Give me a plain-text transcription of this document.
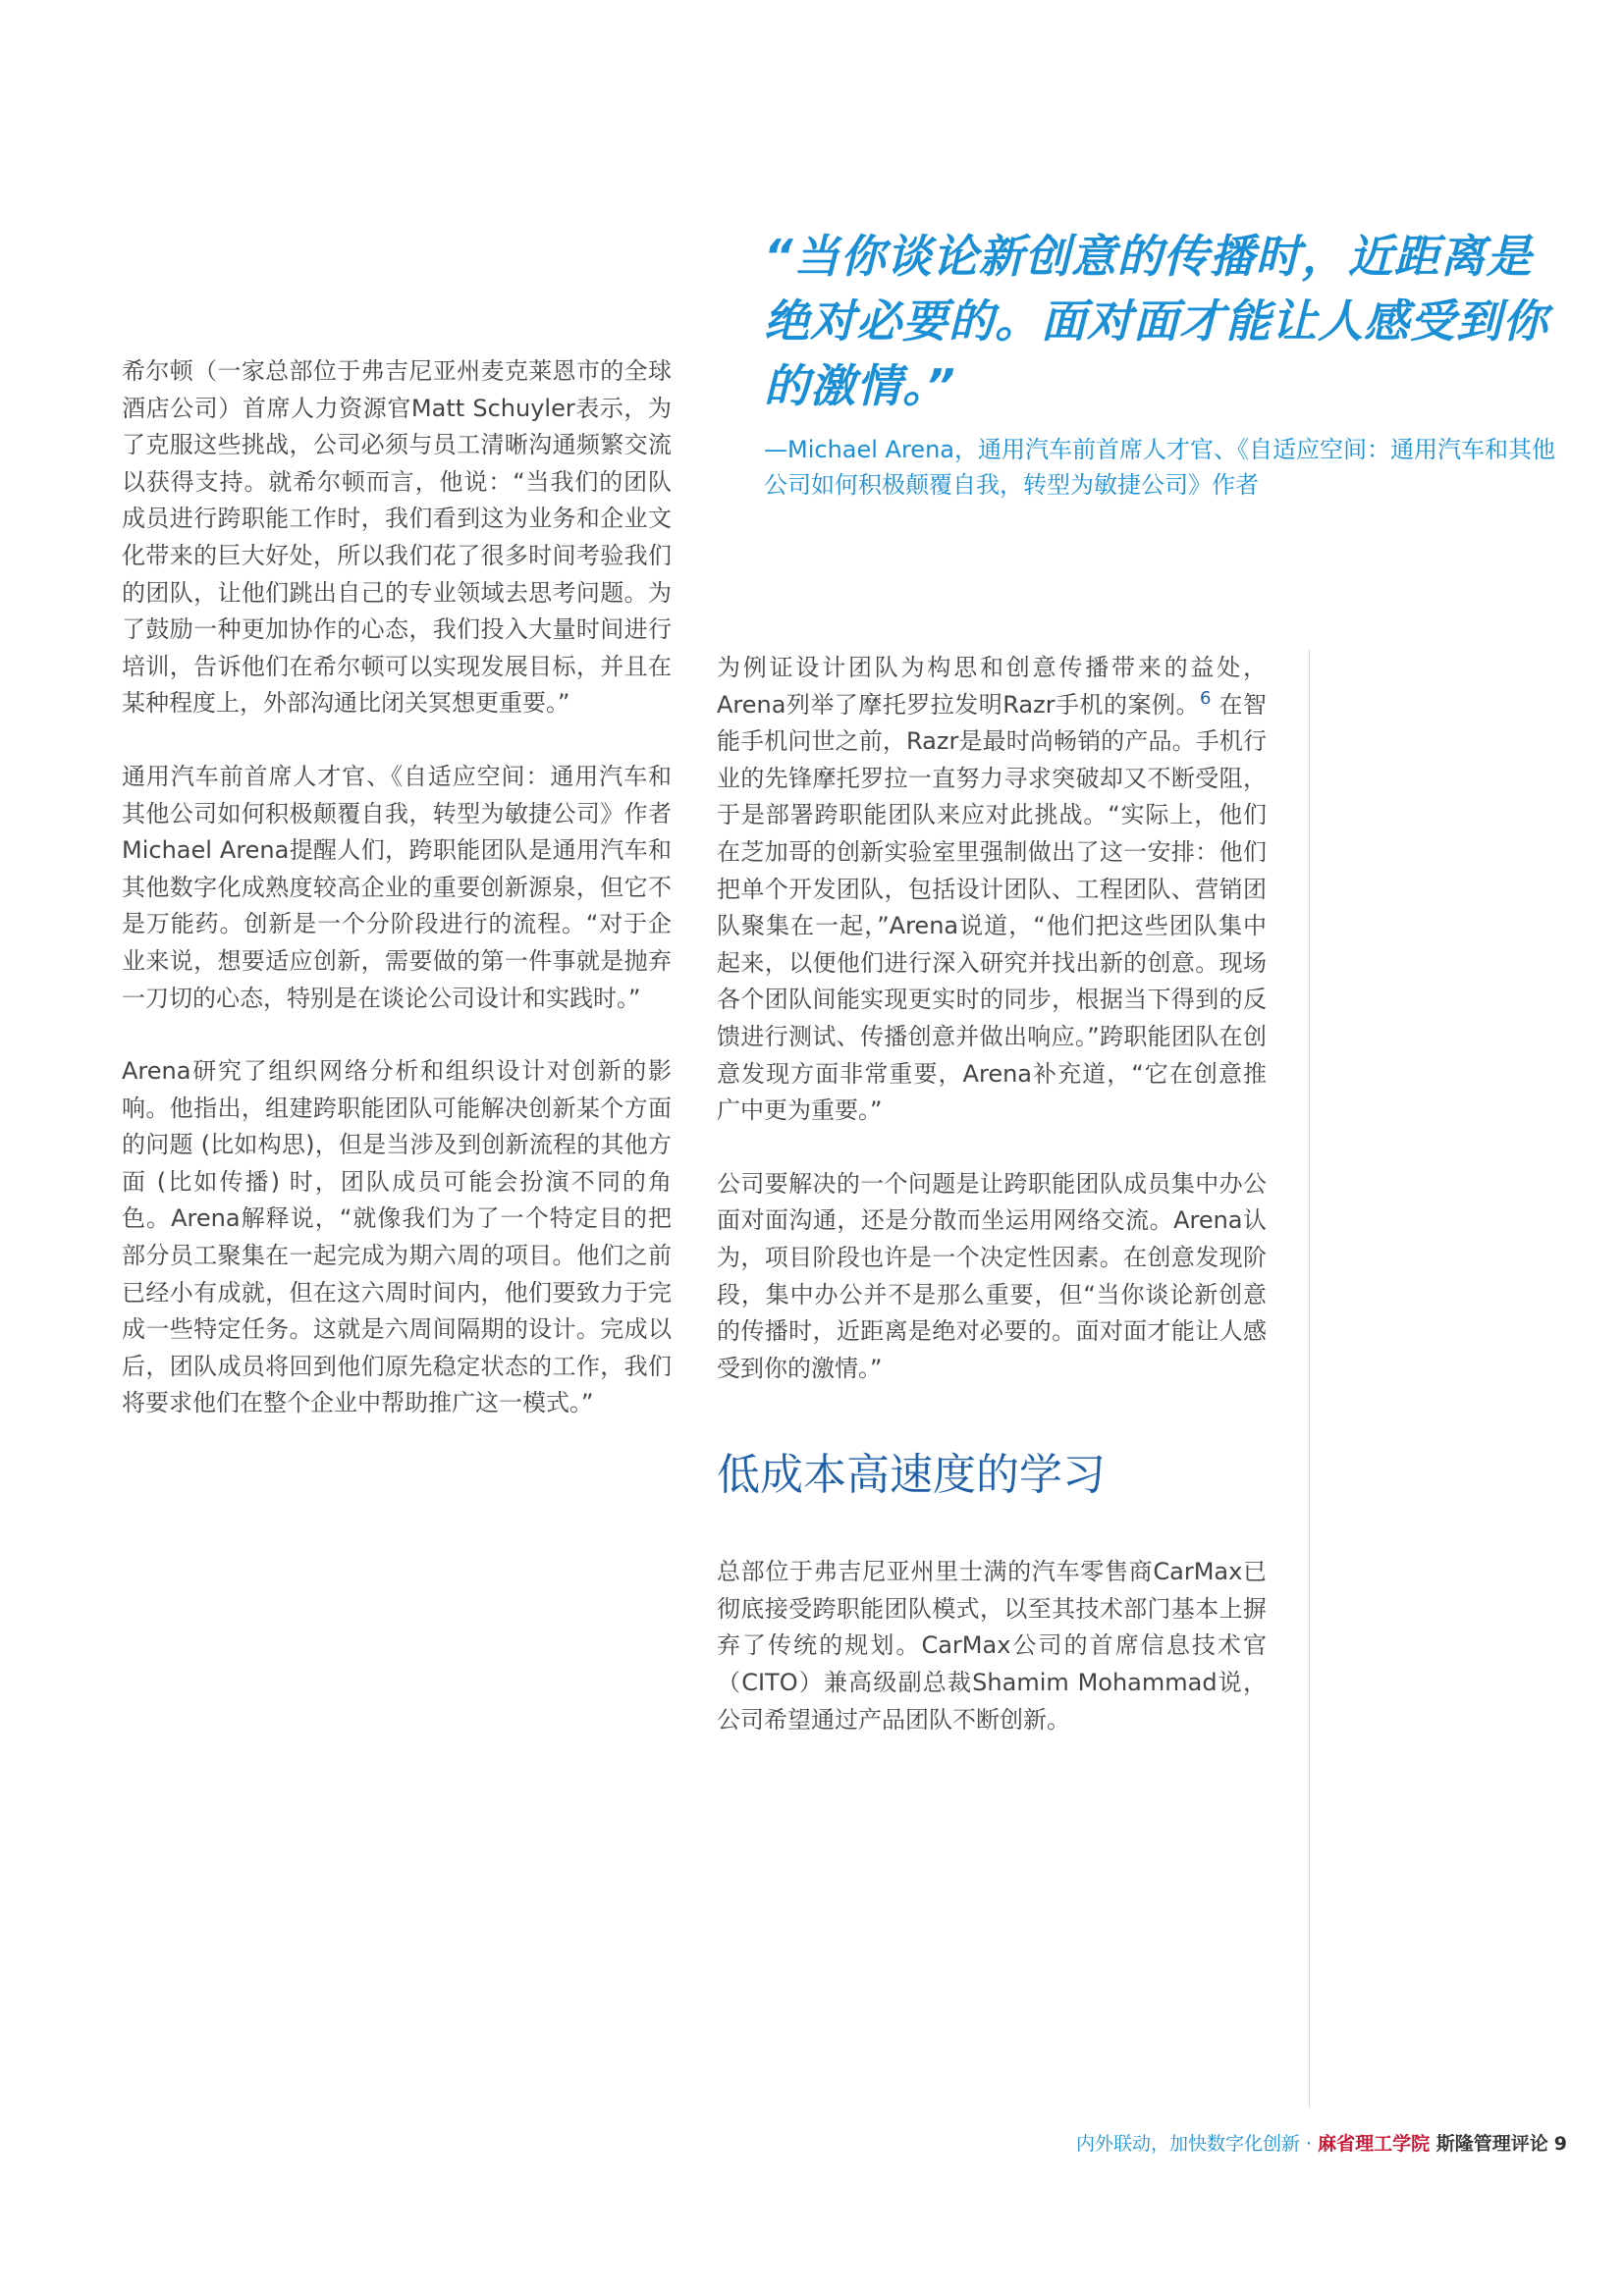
“当你谈论新创意的传播时，近距离是绝对必要的。面对面才能让人感受到你的激情。”

—Michael Arena，通用汽车前首席人才官、《自适应空间：通用汽车和其他公司如何积极颠覆自我，转型为敏捷公司》作者

希尔顿（一家总部位于弗吉尼亚州麦克莱恩市的全球酒店公司）首席人力资源官Matt Schuyler表示，为了克服这些挑战，公司必须与员工清晰沟通频繁交流以获得支持。就希尔顿而言，他说：“当我们的团队成员进行跨职能工作时，我们看到这为业务和企业文化带来的巨大好处，所以我们花了很多时间考验我们的团队，让他们跳出自己的专业领域去思考问题。为了鼓励一种更加协作的心态，我们投入大量时间进行培训，告诉他们在希尔顿可以实现发展目标，并且在某种程度上，外部沟通比闭关冥想更重要。”

通用汽车前首席人才官、《自适应空间：通用汽车和其他公司如何积极颠覆自我，转型为敏捷公司》作者Michael Arena提醒人们，跨职能团队是通用汽车和其他数字化成熟度较高企业的重要创新源泉，但它不是万能药。创新是一个分阶段进行的流程。“对于企业来说，想要适应创新，需要做的第一件事就是抛弃一刀切的心态，特别是在谈论公司设计和实践时。”

Arena研究了组织网络分析和组织设计对创新的影响。他指出，组建跨职能团队可能解决创新某个方面的问题 (比如构思)，但是当涉及到创新流程的其他方面 (比如传播) 时，团队成员可能会扮演不同的角色。Arena解释说，“就像我们为了一个特定目的把部分员工聚集在一起完成为期六周的项目。他们之前已经小有成就，但在这六周时间内，他们要致力于完成一些特定任务。这就是六周间隔期的设计。完成以后，团队成员将回到他们原先稳定状态的工作，我们将要求他们在整个企业中帮助推广这一模式。”

为例证设计团队为构思和创意传播带来的益处，Arena列举了摩托罗拉发明Razr手机的案例。$^6$ 在智能手机问世之前，Razr是最时尚畅销的产品。手机行业的先锋摩托罗拉一直努力寻求突破却又不断受阻，于是部署跨职能团队来应对此挑战。“实际上，他们在芝加哥的创新实验室里强制做出了这一安排：他们把单个开发团队，包括设计团队、工程团队、营销团队聚集在一起，”Arena说道，“他们把这些团队集中起来，以便他们进行深入研究并找出新的创意。现场各个团队间能实现更实时的同步，根据当下得到的反馈进行测试、传播创意并做出响应。”跨职能团队在创意发现方面非常重要，Arena补充道，“它在创意推广中更为重要。”

公司要解决的一个问题是让跨职能团队成员集中办公面对面沟通，还是分散而坐运用网络交流。Arena认为，项目阶段也许是一个决定性因素。在创意发现阶段，集中办公并不是那么重要，但“当你谈论新创意的传播时，近距离是绝对必要的。面对面才能让人感受到你的激情。”

低成本高速度的学习

总部位于弗吉尼亚州里士满的汽车零售商CarMax已彻底接受跨职能团队模式，以至其技术部门基本上摒弃了传统的规划。CarMax公司的首席信息技术官（CITO）兼高级副总裁Shamim Mohammad说，公司希望通过产品团队不断创新。

内外联动，加快数字化创新 · 麻省理工学院 斯隆管理评论 9
